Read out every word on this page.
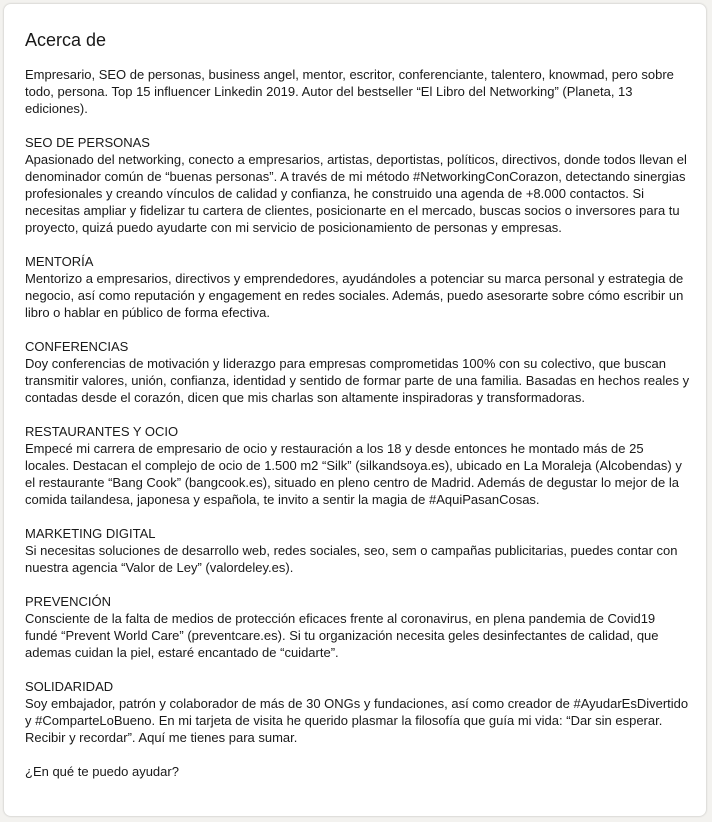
Acerca de

Empresario, SEO de personas, business angel, mentor, escritor, conferenciante, talentero, knowmad, pero sobre todo, persona. Top 15 influencer Linkedin 2019. Autor del bestseller “El Libro del Networking” (Planeta, 13 ediciones).

SEO DE PERSONAS
Apasionado del networking, conecto a empresarios, artistas, deportistas, políticos, directivos, donde todos llevan el denominador común de “buenas personas”. A través de mi método #NetworkingConCorazon, detectando sinergias profesionales y creando vínculos de calidad y confianza, he construido una agenda de +8.000 contactos. Si necesitas ampliar y fidelizar tu cartera de clientes, posicionarte en el mercado, buscas socios o inversores para tu proyecto, quizá puedo ayudarte con mi servicio de posicionamiento de personas y empresas.

MENTORÍA
Mentorizo a empresarios, directivos y emprendedores, ayudándoles a potenciar su marca personal y estrategia de negocio, así como reputación y engagement en redes sociales. Además, puedo asesorarte sobre cómo escribir un libro o hablar en público de forma efectiva.

CONFERENCIAS
Doy conferencias de motivación y liderazgo para empresas comprometidas 100% con su colectivo, que buscan transmitir valores, unión, confianza, identidad y sentido de formar parte de una familia. Basadas en hechos reales y contadas desde el corazón, dicen que mis charlas son altamente inspiradoras y transformadoras.

RESTAURANTES Y OCIO
Empecé mi carrera de empresario de ocio y restauración a los 18 y desde entonces he montado más de 25 locales. Destacan el complejo de ocio de 1.500 m2 “Silk” (silkandsoya.es), ubicado en La Moraleja (Alcobendas) y el restaurante “Bang Cook” (bangcook.es), situado en pleno centro de Madrid. Además de degustar lo mejor de la comida tailandesa, japonesa y española, te invito a sentir la magia de #AquiPasanCosas.

MARKETING DIGITAL
Si necesitas soluciones de desarrollo web, redes sociales, seo, sem o campañas publicitarias, puedes contar con nuestra agencia “Valor de Ley” (valordeley.es).

PREVENCIÓN
Consciente de la falta de medios de protección eficaces frente al coronavirus, en plena pandemia de Covid19 fundé “Prevent World Care” (preventcare.es). Si tu organización necesita geles desinfectantes de calidad, que ademas cuidan la piel, estaré encantado de “cuidarte”.

SOLIDARIDAD
Soy embajador, patrón y colaborador de más de 30 ONGs y fundaciones, así como creador de #AyudarEsDivertido y #ComparteLoBueno. En mi tarjeta de visita he querido plasmar la filosofía que guía mi vida: “Dar sin esperar. Recibir y recordar”. Aquí me tienes para sumar.

¿En qué te puedo ayudar?
